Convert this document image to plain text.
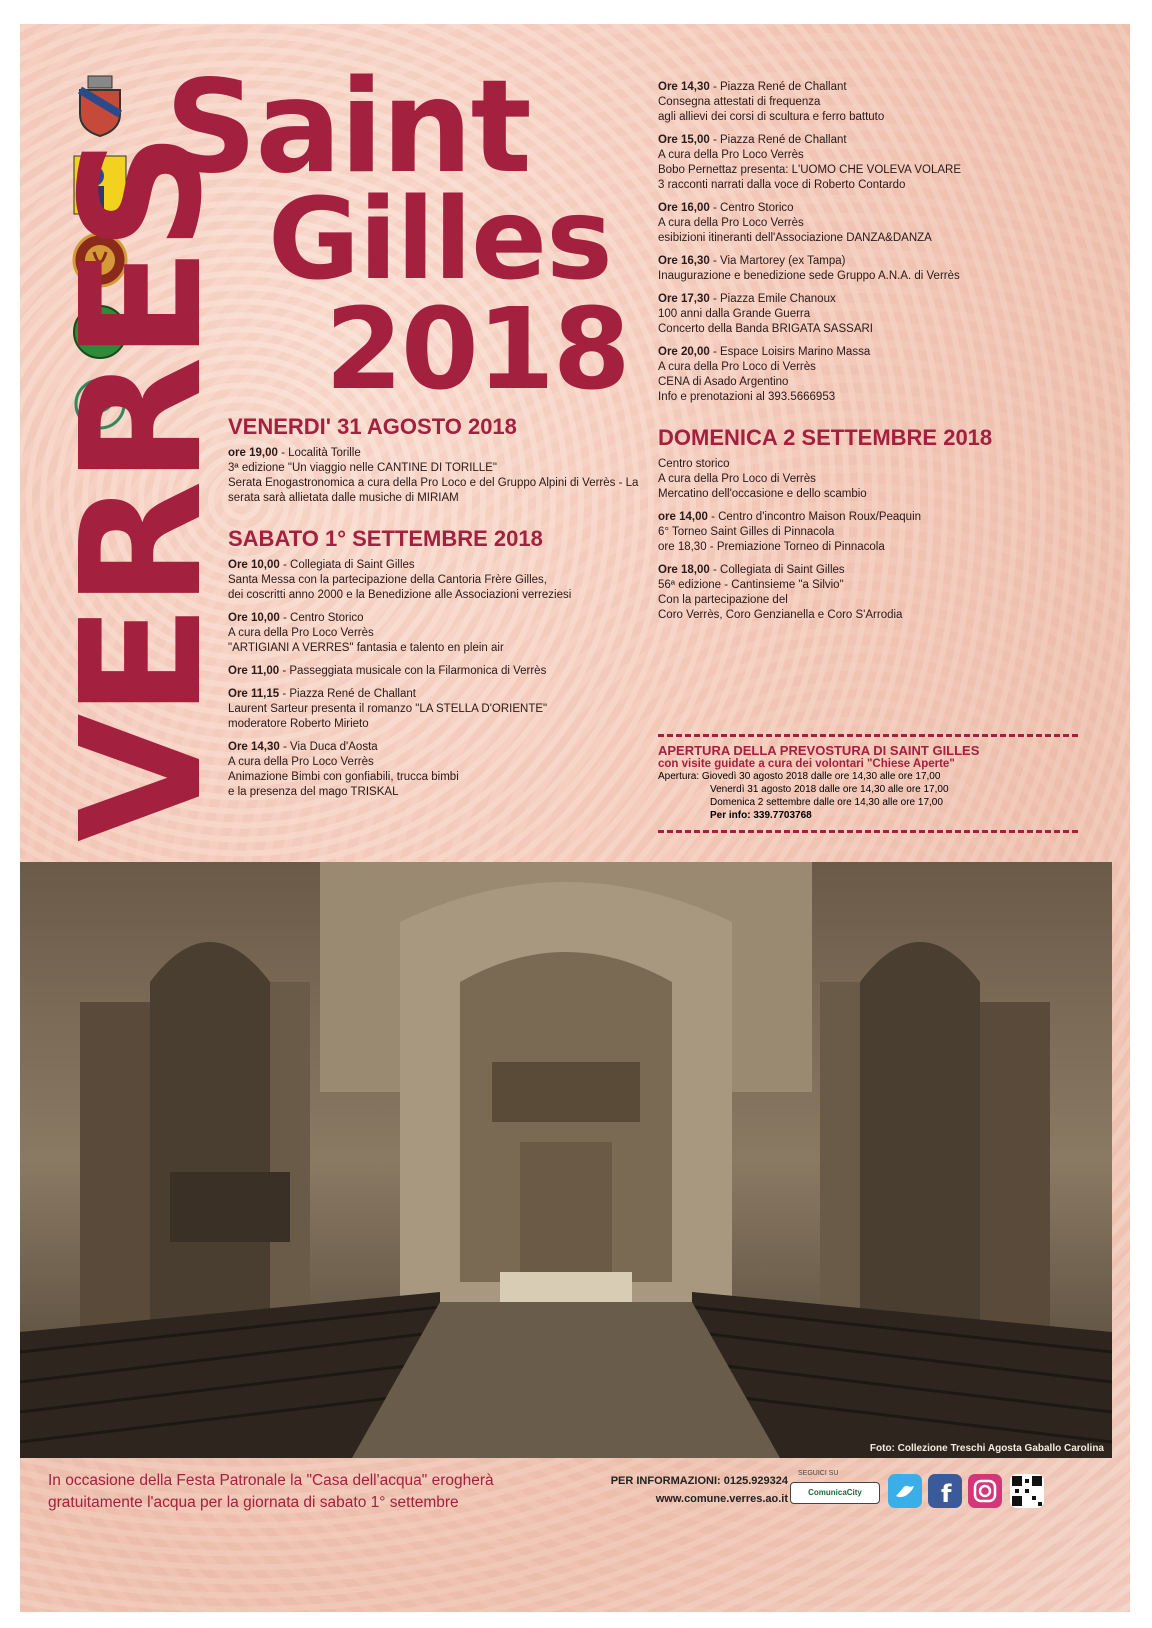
Saint
Gilles
2018
VERRES
VENERDI' 31 AGOSTO 2018
ore 19,00 - Località Torille
3ª edizione "Un viaggio nelle CANTINE DI TORILLE"
Serata Enogastronomica a cura della Pro Loco e del Gruppo Alpini di Verrès - La serata sarà allietata dalle musiche di MIRIAM
SABATO 1° SETTEMBRE 2018
Ore 10,00 - Collegiata di Saint Gilles
Santa Messa con la partecipazione della Cantoria Frère Gilles,
dei coscritti anno 2000 e la Benedizione alle Associazioni verreziesi
Ore 10,00 - Centro Storico
A cura della Pro Loco Verrès
"ARTIGIANI A VERRES" fantasia e talento en plein air
Ore 11,00 - Passeggiata musicale con la Filarmonica di Verrès
Ore 11,15 - Piazza René de Challant
Laurent Sarteur presenta il romanzo "LA STELLA D'ORIENTE"
moderatore Roberto Mirieto
Ore 14,30 - Via Duca d'Aosta
A cura della Pro Loco Verrès
Animazione Bimbi con gonfiabili, trucca bimbi
e la presenza del mago TRISKAL
Ore 14,30 - Piazza René de Challant
Consegna attestati di frequenza
agli allievi dei corsi di scultura e ferro battuto
Ore 15,00 - Piazza René de Challant
A cura della Pro Loco Verrès
Bobo Pernettaz presenta: L'UOMO CHE VOLEVA VOLARE
3 racconti narrati dalla voce di Roberto Contardo
Ore 16,00 - Centro Storico
A cura della Pro Loco Verrès
esibizioni itineranti dell'Associazione DANZA&DANZA
Ore 16,30 - Via Martorey (ex Tampa)
Inaugurazione e benedizione sede Gruppo A.N.A. di Verrès
Ore 17,30 - Piazza Emile Chanoux
100 anni dalla Grande Guerra
Concerto della Banda BRIGATA SASSARI
Ore 20,00 - Espace Loisirs Marino Massa
A cura della Pro Loco di Verrès
CENA di Asado Argentino
Info e prenotazioni al 393.5666953
DOMENICA 2 SETTEMBRE 2018
Centro storico
A cura della Pro Loco di Verrès
Mercatino dell'occasione e dello scambio
ore 14,00 - Centro d'incontro Maison Roux/Peaquin
6° Torneo Saint Gilles di Pinnacola
ore 18,30 - Premiazione Torneo di Pinnacola
Ore 18,00 - Collegiata di Saint Gilles
56ª edizione - Cantinsieme "a Silvio"
Con la partecipazione del
Coro Verrès, Coro Genzianella e Coro S'Arrodia
APERTURA DELLA PREVOSTURA DI SAINT GILLES
con visite guidate a cura dei volontari "Chiese Aperte"
Apertura: Giovedì 30 agosto 2018 dalle ore 14,30 alle ore 17,00
Venerdì 31 agosto 2018 dalle ore 14,30 alle ore 17,00
Domenica 2 settembre dalle ore 14,30 alle ore 17,00
Per info: 339.7703768
Foto: Collezione Treschi Agosta Gaballo Carolina
In occasione della Festa Patronale la "Casa dell'acqua" erogherà gratuitamente l'acqua per la giornata di sabato 1° settembre
PER INFORMAZIONI: 0125.929324
www.comune.verres.ao.it
SEGUICI SU
ComunicaCity	f
